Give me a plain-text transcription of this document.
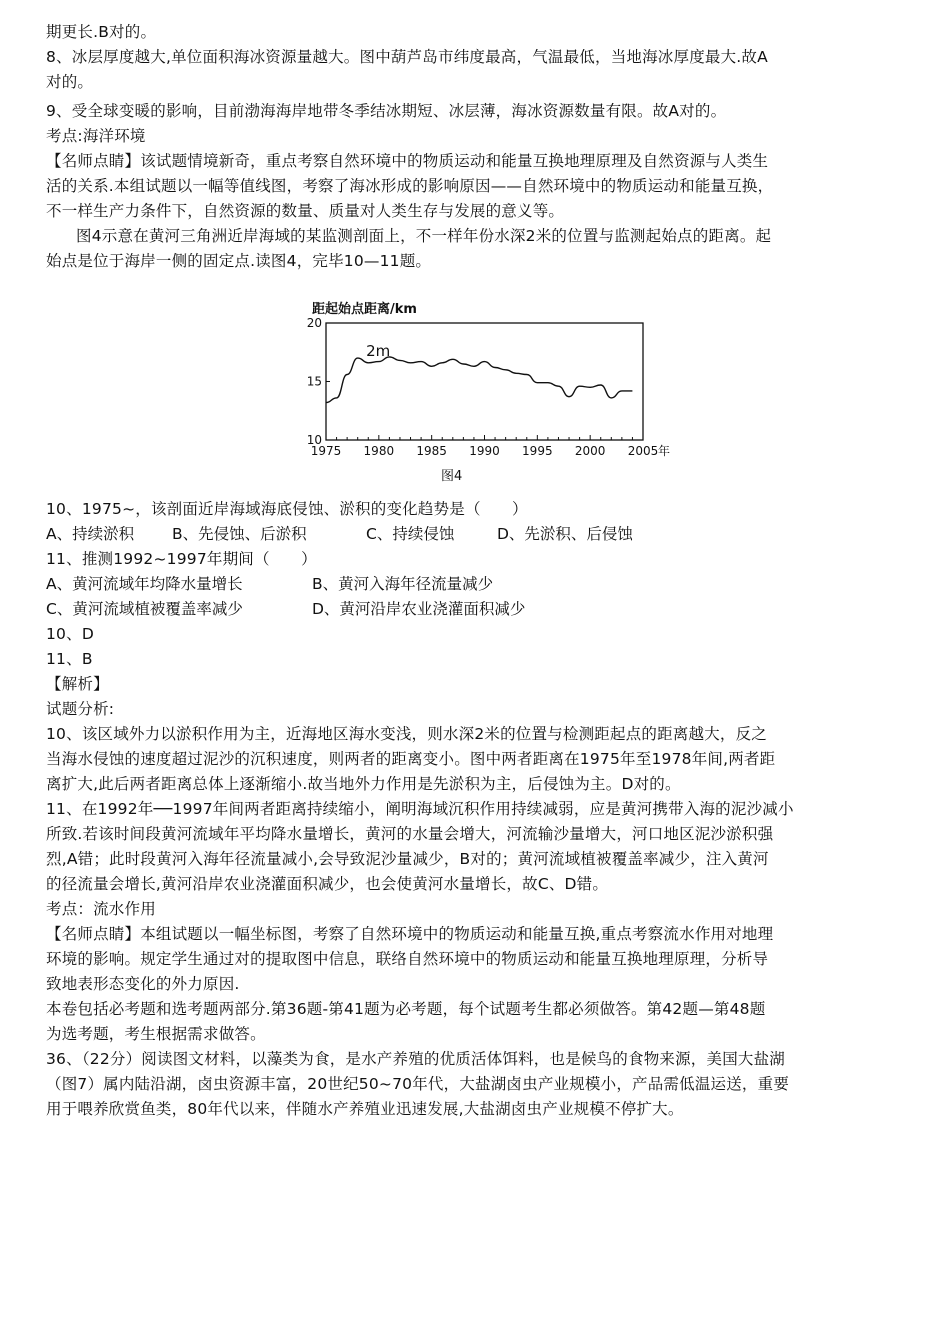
期更长.B对的。
8、冰层厚度越大,单位面积海冰资源量越大。图中葫芦岛市纬度最高，气温最低，当地海冰厚度最大.故A
对的。
9、受全球变暖的影响，目前渤海海岸地带冬季结冰期短、冰层薄，海冰资源数量有限。故A对的。
考点:海洋环境
【名师点睛】该试题情境新奇，重点考察自然环境中的物质运动和能量互换地理原理及自然资源与人类生
活的关系.本组试题以一幅等值线图，考察了海冰形成的影响原因——自然环境中的物质运动和能量互换，
不一样生产力条件下，自然资源的数量、质量对人类生存与发展的意义等。
图4示意在黄河三角洲近岸海域的某监测剖面上，不一样年份水深2米的位置与监测起始点的距离。起
始点是位于海岸一侧的固定点.读图4，完毕10—11题。
距起始点距离/km
10
15
20
1975 1980 1985 1990 1995 2000 2005
2m
年
图4
10、1975~，该剖面近岸海域海底侵蚀、淤积的变化趋势是（　　）
A、持续淤积 B、先侵蚀、后淤积	C、持续侵蚀	D、先淤积、后侵蚀
11、推测1992~1997年期间（　　）
A、黄河流域年均降水量增长	B、黄河入海年径流量减少
C、黄河流域植被覆盖率减少	D、黄河沿岸农业浇灌面积减少
10、D
11、B
【解析】
试题分析:
10、该区域外力以淤积作用为主，近海地区海水变浅，则水深2米的位置与检测距起点的距离越大，反之
当海水侵蚀的速度超过泥沙的沉积速度，则两者的距离变小。图中两者距离在1975年至1978年间,两者距
离扩大,此后两者距离总体上逐渐缩小.故当地外力作用是先淤积为主，后侵蚀为主。D对的。
11、在1992年──1997年间两者距离持续缩小，阐明海域沉积作用持续减弱，应是黄河携带入海的泥沙减小
所致.若该时间段黄河流域年平均降水量增长，黄河的水量会增大，河流输沙量增大，河口地区泥沙淤积强
烈,A错；此时段黄河入海年径流量减小,会导致泥沙量减少，B对的；黄河流域植被覆盖率减少，注入黄河
的径流量会增长,黄河沿岸农业浇灌面积减少，也会使黄河水量增长，故C、D错。
考点：流水作用
【名师点睛】本组试题以一幅坐标图，考察了自然环境中的物质运动和能量互换,重点考察流水作用对地理
环境的影响。规定学生通过对的提取图中信息，联络自然环境中的物质运动和能量互换地理原理，分析导
致地表形态变化的外力原因.
本卷包括必考题和选考题两部分.第36题-第41题为必考题，每个试题考生都必须做答。第42题—第48题
为选考题，考生根据需求做答。
36、（22分）阅读图文材料，以藻类为食，是水产养殖的优质活体饵料，也是候鸟的食物来源，美国大盐湖
（图7）属内陆沿湖，卤虫资源丰富，20世纪50~70年代，大盐湖卤虫产业规模小，产品需低温运送，重要
用于喂养欣赏鱼类，80年代以来，伴随水产养殖业迅速发展,大盐湖卤虫产业规模不停扩大。
